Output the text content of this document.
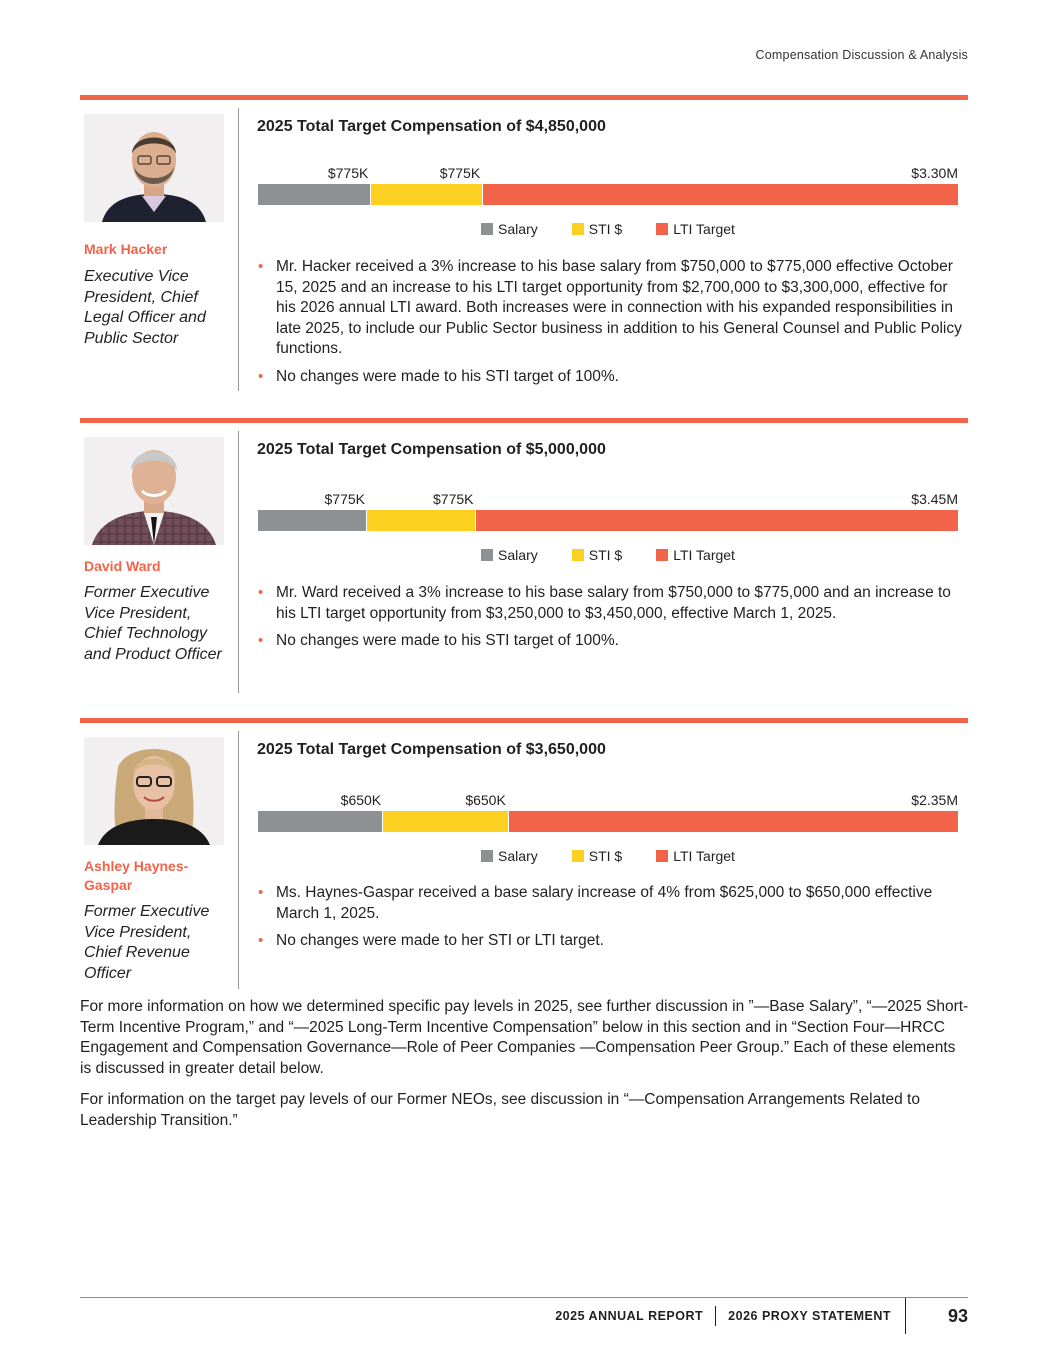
Compensation Discussion & Analysis
Mark Hacker
Executive Vice President, Chief Legal Officer and Public Sector
2025 Total Target Compensation of $4,850,000
$775K	$775K	$3.30M
Salary	STI $	LTI Target
• Mr. Hacker received a 3% increase to his base salary from $750,000 to $775,000 effective October 15, 2025 and an increase to his LTI target opportunity from $2,700,000 to $3,300,000, effective for his 2026 annual LTI award. Both increases were in connection with his expanded responsibilities in late 2025, to include our Public Sector business in addition to his General Counsel and Public Policy functions.
• No changes were made to his STI target of 100%.
David Ward
Former Executive Vice President, Chief Technology and Product Officer
2025 Total Target Compensation of $5,000,000
$775K	$775K	$3.45M
Salary	STI $	LTI Target
• Mr. Ward received a 3% increase to his base salary from $750,000 to $775,000 and an increase to his LTI target opportunity from $3,250,000 to $3,450,000, effective March 1, 2025.
• No changes were made to his STI target of 100%.
Ashley Haynes-Gaspar
Former Executive Vice President, Chief Revenue Officer
2025 Total Target Compensation of $3,650,000
$650K	$650K	$2.35M
Salary	STI $	LTI Target
• Ms. Haynes-Gaspar received a base salary increase of 4% from $625,000 to $650,000 effective March 1, 2025.
• No changes were made to her STI or LTI target.

For more information on how we determined specific pay levels in 2025, see further discussion in ”—Base Salary”, “—2025 Short-Term Incentive Program,” and “—2025 Long-Term Incentive Compensation” below in this section and in “Section Four—HRCC Engagement and Compensation Governance—Role of Peer Companies —Compensation Peer Group.” Each of these elements is discussed in greater detail below.

For information on the target pay levels of our Former NEOs, see discussion in “—Compensation Arrangements Related to Leadership Transition.”

2025 ANNUAL REPORT 2026 PROXY STATEMENT	93
